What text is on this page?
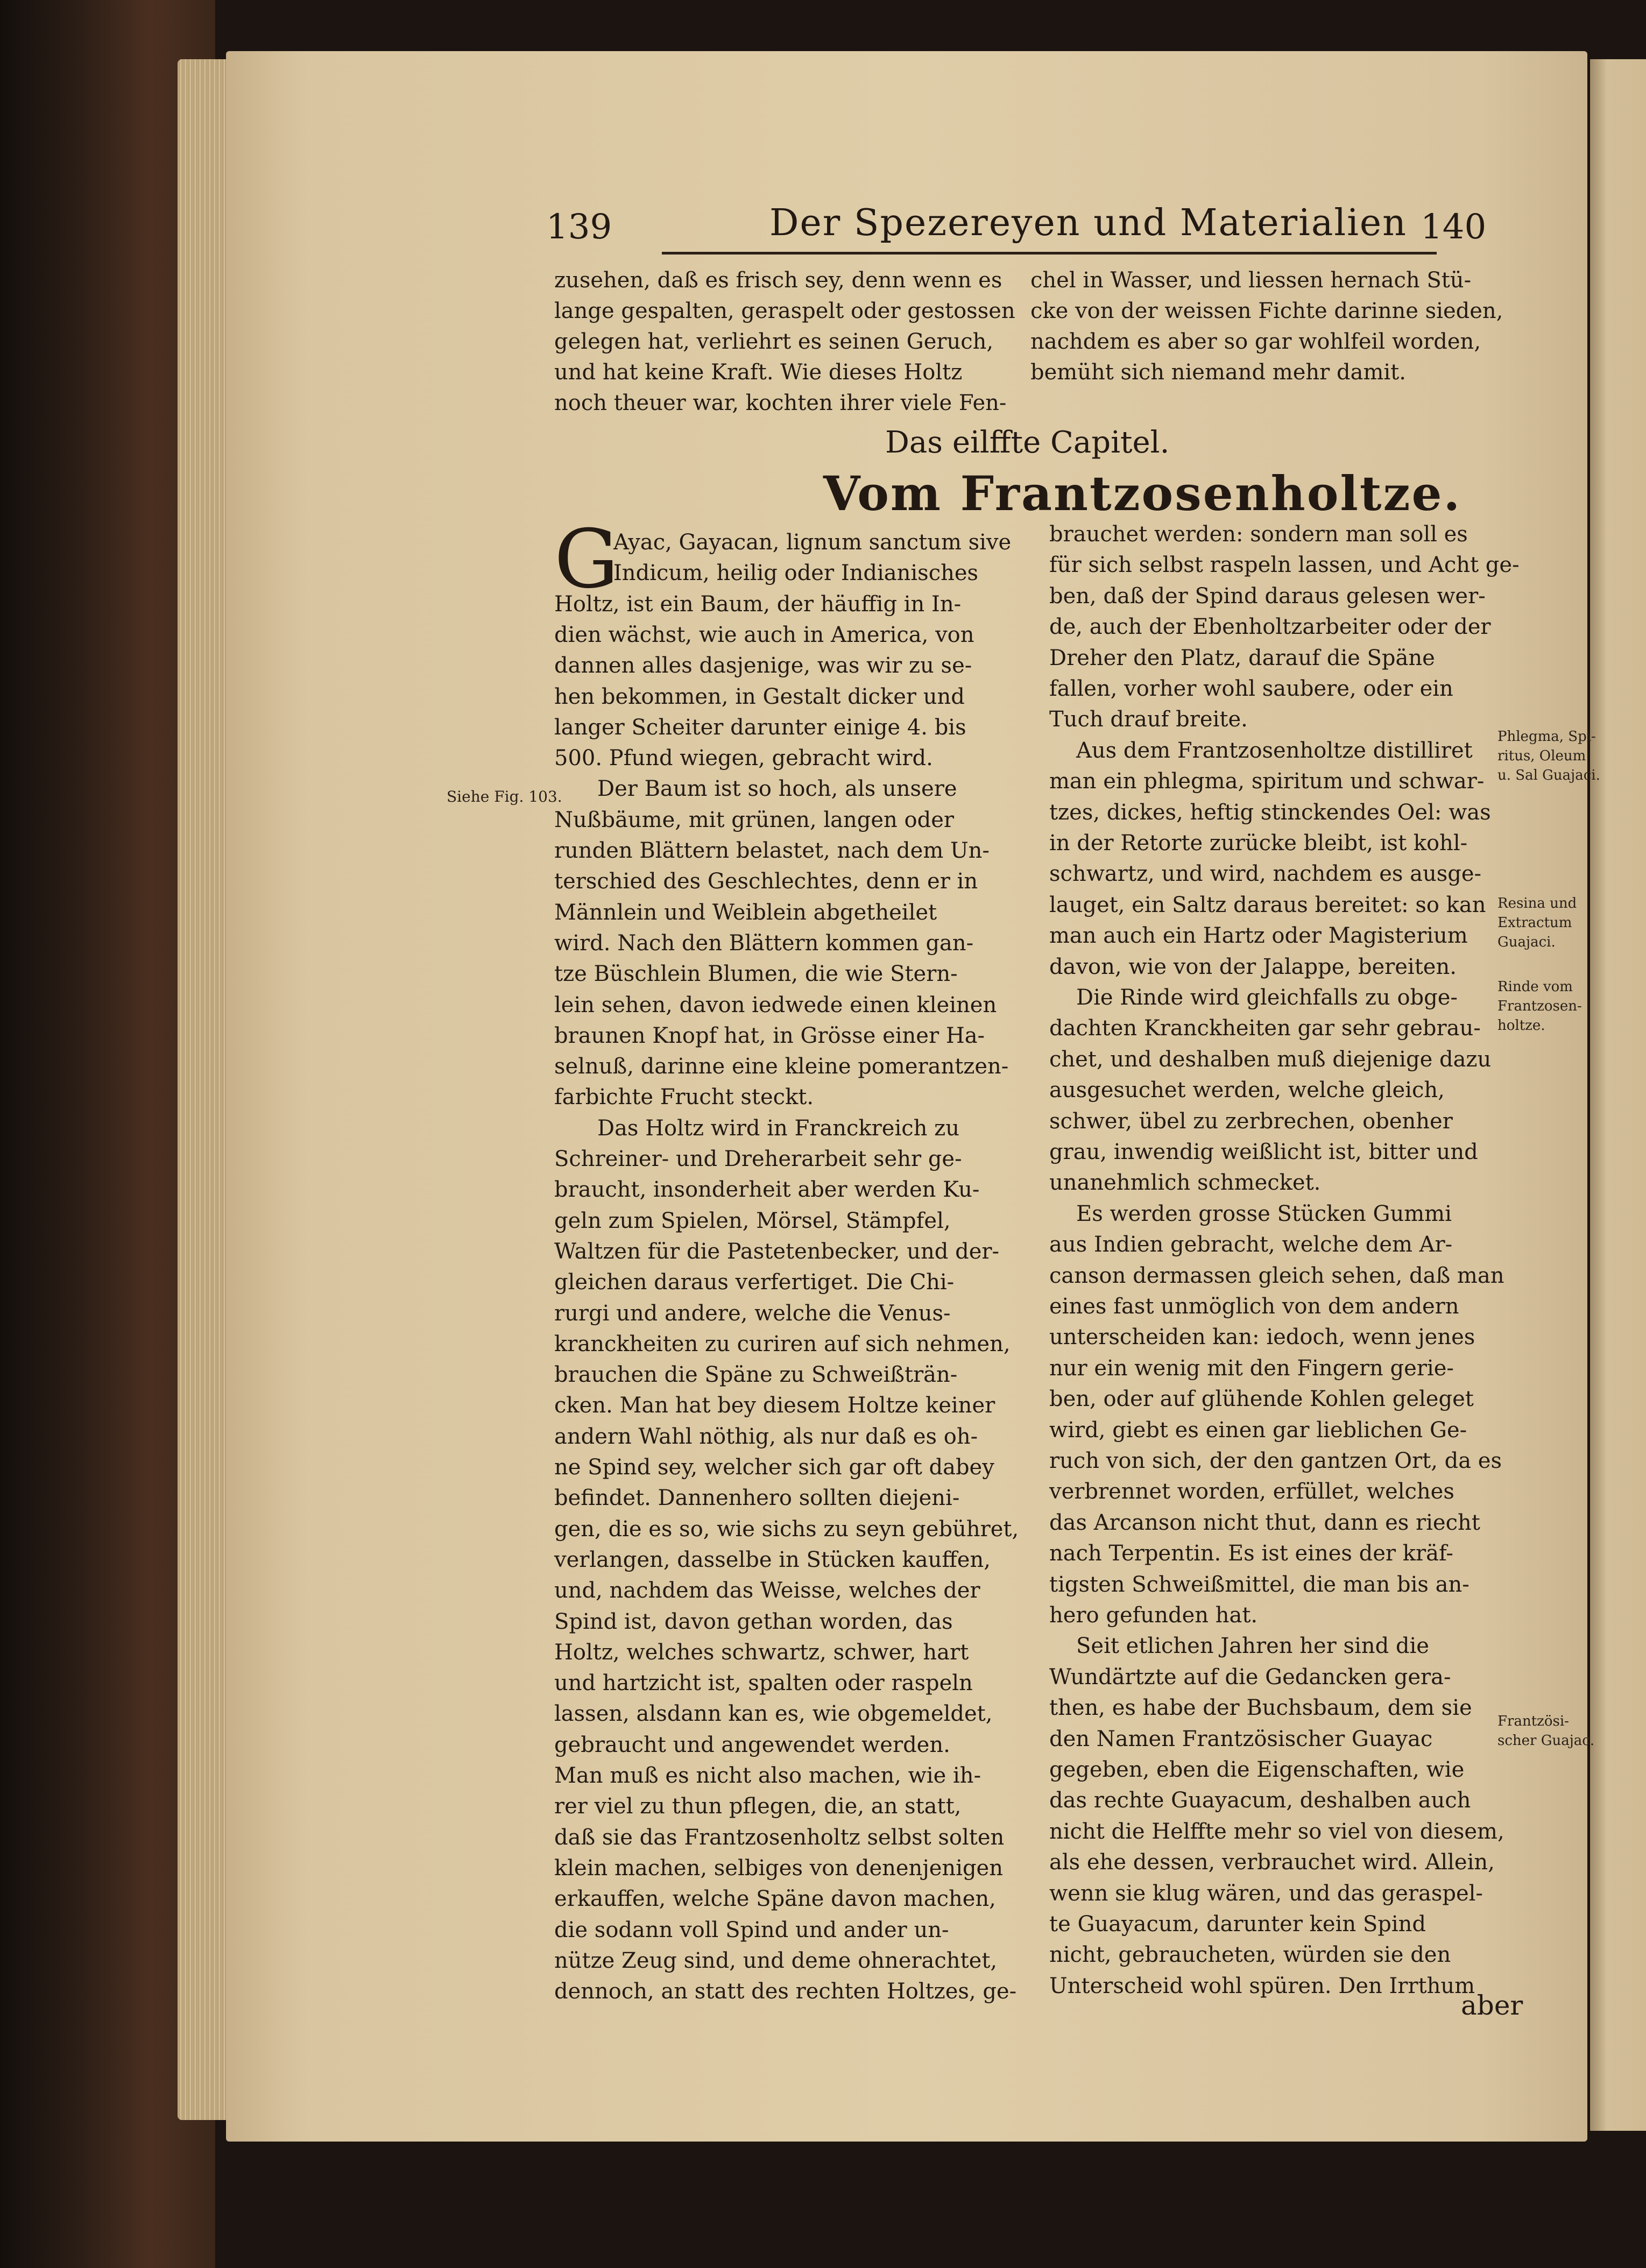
139	Der Spezereyen und Materialien 140
zusehen, daß es frisch sey, denn wenn es
lange gespalten, geraspelt oder gestossen
gelegen hat, verliehrt es seinen Geruch,
und hat keine Kraft. Wie dieses Holtz
noch theuer war, kochten ihrer viele Fen-
chel in Wasser, und liessen hernach Stü-
cke von der weissen Fichte darinne sieden,
nachdem es aber so gar wohlfeil worden,
bemüht sich niemand mehr damit.
Das eilffte Capitel.
Vom Frantzosenholtze.
G
Ayac, Gayacan, lignum sanctum sive
Indicum, heilig oder Indianisches
Holtz, ist ein Baum, der häuffig in In-
dien wächst, wie auch in America, von
dannen alles dasjenige, was wir zu se-
hen bekommen, in Gestalt dicker und
langer Scheiter darunter einige 4. bis
500. Pfund wiegen, gebracht wird.
Der Baum ist so hoch, als unsere
Nußbäume, mit grünen, langen oder
runden Blättern belastet, nach dem Un-
terschied des Geschlechtes, denn er in
Männlein und Weiblein abgetheilet
wird. Nach den Blättern kommen gan-
tze Büschlein Blumen, die wie Stern-
lein sehen, davon iedwede einen kleinen
braunen Knopf hat, in Grösse einer Ha-
selnuß, darinne eine kleine pomerantzen-
farbichte Frucht steckt.
Das Holtz wird in Franckreich zu
Schreiner- und Dreherarbeit sehr ge-
braucht, insonderheit aber werden Ku-
geln zum Spielen, Mörsel, Stämpfel,
Waltzen für die Pastetenbecker, und der-
gleichen daraus verfertiget. Die Chi-
rurgi und andere, welche die Venus-
kranckheiten zu curiren auf sich nehmen,
brauchen die Späne zu Schweißträn-
cken. Man hat bey diesem Holtze keiner
andern Wahl nöthig, als nur daß es oh-
ne Spind sey, welcher sich gar oft dabey
befindet. Dannenhero sollten diejeni-
gen, die es so, wie sichs zu seyn gebühret,
verlangen, dasselbe in Stücken kauffen,
und, nachdem das Weisse, welches der
Spind ist, davon gethan worden, das
Holtz, welches schwartz, schwer, hart
und hartzicht ist, spalten oder raspeln
lassen, alsdann kan es, wie obgemeldet,
gebraucht und angewendet werden.
Man muß es nicht also machen, wie ih-
rer viel zu thun pflegen, die, an statt,
daß sie das Frantzosenholtz selbst solten
klein machen, selbiges von denenjenigen
erkauffen, welche Späne davon machen,
die sodann voll Spind und ander un-
nütze Zeug sind, und deme ohnerachtet,
dennoch, an statt des rechten Holtzes, ge-
brauchet werden: sondern man soll es
für sich selbst raspeln lassen, und Acht ge-
ben, daß der Spind daraus gelesen wer-
de, auch der Ebenholtzarbeiter oder der
Dreher den Platz, darauf die Späne
fallen, vorher wohl saubere, oder ein
Tuch drauf breite.
Aus dem Frantzosenholtze distilliret
man ein phlegma, spiritum und schwar-
tzes, dickes, heftig stinckendes Oel: was
in der Retorte zurücke bleibt, ist kohl-
schwartz, und wird, nachdem es ausge-
lauget, ein Saltz daraus bereitet: so kan
man auch ein Hartz oder Magisterium
davon, wie von der Jalappe, bereiten.
Die Rinde wird gleichfalls zu obge-
dachten Kranckheiten gar sehr gebrau-
chet, und deshalben muß diejenige dazu
ausgesuchet werden, welche gleich,
schwer, übel zu zerbrechen, obenher
grau, inwendig weißlicht ist, bitter und
unanehmlich schmecket.
Es werden grosse Stücken Gummi
aus Indien gebracht, welche dem Ar-
canson dermassen gleich sehen, daß man
eines fast unmöglich von dem andern
unterscheiden kan: iedoch, wenn jenes
nur ein wenig mit den Fingern gerie-
ben, oder auf glühende Kohlen geleget
wird, giebt es einen gar lieblichen Ge-
ruch von sich, der den gantzen Ort, da es
verbrennet worden, erfüllet, welches
das Arcanson nicht thut, dann es riecht
nach Terpentin. Es ist eines der kräf-
tigsten Schweißmittel, die man bis an-
hero gefunden hat.
Seit etlichen Jahren her sind die
Wundärtzte auf die Gedancken gera-
then, es habe der Buchsbaum, dem sie
den Namen Frantzösischer Guayac
gegeben, eben die Eigenschaften, wie
das rechte Guayacum, deshalben auch
nicht die Helffte mehr so viel von diesem,
als ehe dessen, verbrauchet wird. Allein,
wenn sie klug wären, und das geraspel-
te Guayacum, darunter kein Spind
nicht, gebraucheten, würden sie den
Unterscheid wohl spüren. Den Irrthum
Siehe Fig. 103.
Phlegma, Spi-
ritus, Oleum
u. Sal Guajaci.
Resina und
Extractum
Guajaci.
Rinde vom
Frantzosen-
holtze.
Frantzösi-
scher Guajac.
aber
